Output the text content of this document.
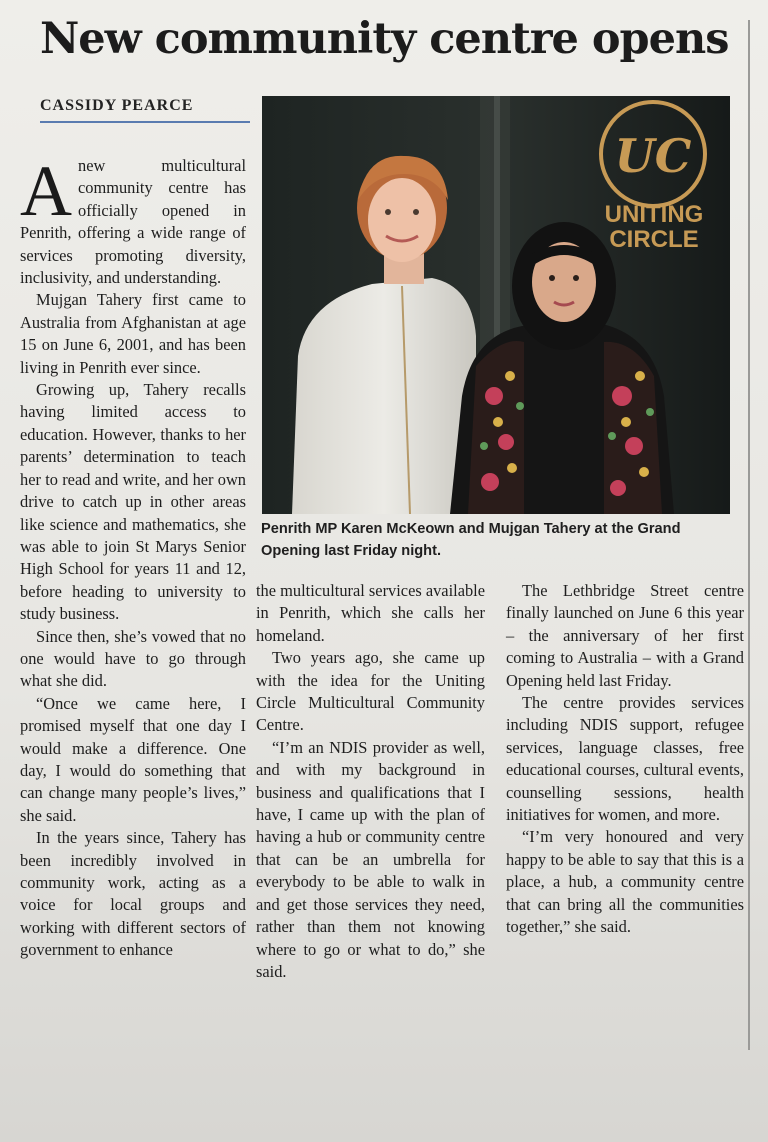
New community centre opens
CASSIDY PEARCE

Anew multicultural community centre has officially opened in Penrith, offering a wide range of services promoting diversity, inclusivity, and understanding.

Mujgan Tahery first came to Australia from Afghanistan at age 15 on June 6, 2001, and has been living in Penrith ever since.

Growing up, Tahery recalls having limited access to education. However, thanks to her parents’ determination to teach her to read and write, and her own drive to catch up in other areas like science and mathematics, she was able to join St Marys Senior High School for years 11 and 12, before heading to university to study business.

Since then, she’s vowed that no one would have to go through what she did.

“Once we came here, I promised myself that one day I would make a difference. One day, I would do something that can change many people’s lives,” she said.

In the years since, Tahery has been incredibly involved in community work, acting as a voice for local groups and working with different sectors of government to enhance

UC
UNITING
CIRCLE
Penrith MP Karen McKeown and Mujgan Tahery at the Grand Opening last Friday night.

the multicultural services available in Penrith, which she calls her homeland.

Two years ago, she came up with the idea for the Uniting Circle Multicultural Community Centre.

“I’m an NDIS provider as well, and with my background in business and qualifications that I have, I came up with the plan of having a hub or community centre that can be an umbrella for everybody to be able to walk in and get those services they need, rather than them not knowing where to go or what to do,” she said.

The Lethbridge Street centre finally launched on June 6 this year – the anniversary of her first coming to Australia – with a Grand Opening held last Friday.

The centre provides services including NDIS support, refugee services, language classes, free educational courses, cultural events, counselling sessions, health initiatives for women, and more.

“I’m very honoured and very happy to be able to say that this is a place, a hub, a community centre that can bring all the communities together,” she said.
